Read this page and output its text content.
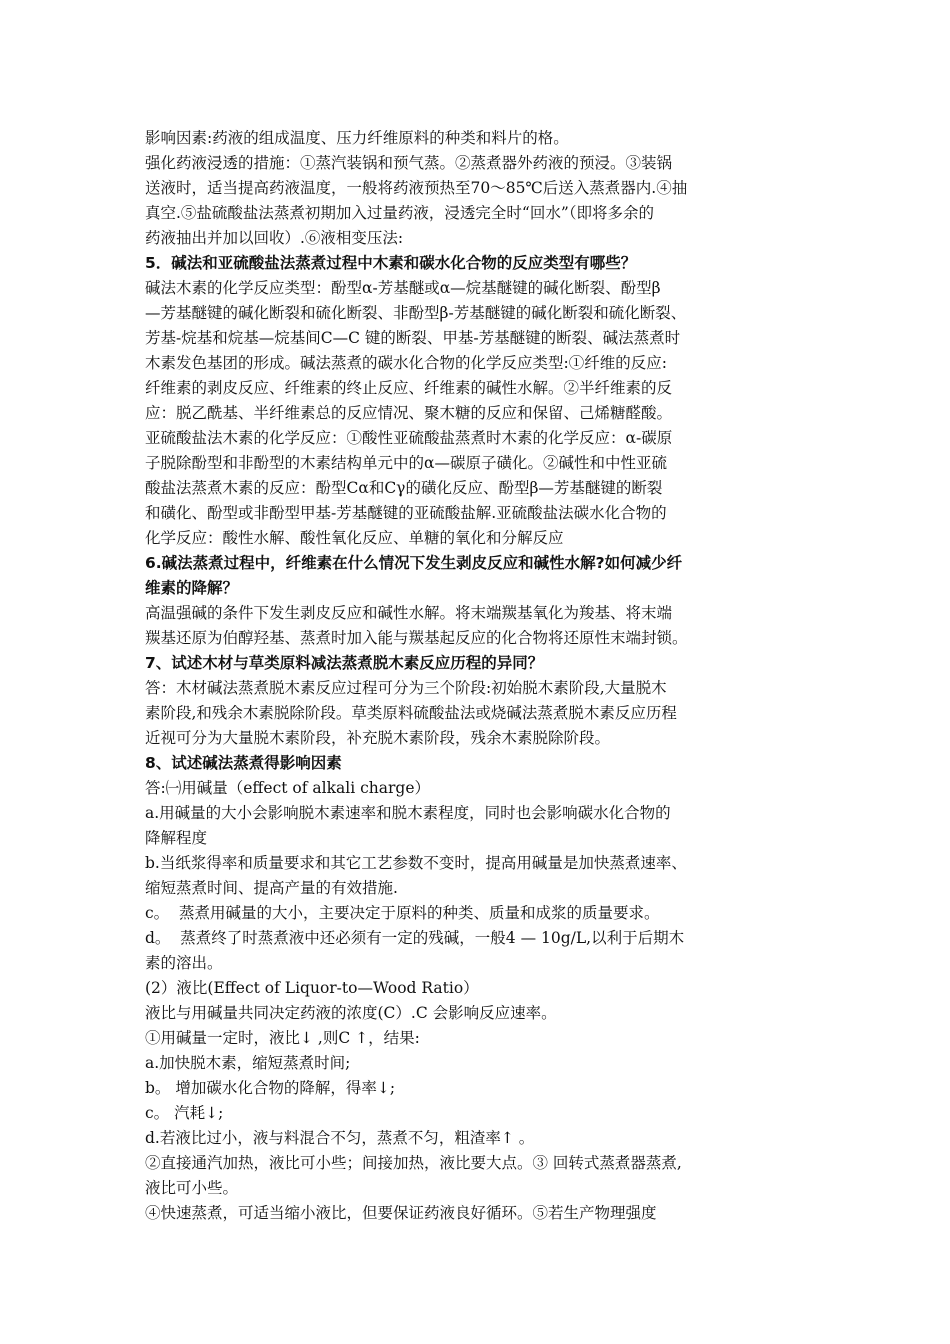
影响因素:药液的组成温度、压力纤维原料的种类和料片的格。
强化药液浸透的措施：①蒸汽装锅和预气蒸。②蒸煮器外药液的预浸。③装锅
送液时，适当提高药液温度，一般将药液预热至70～85℃后送入蒸煮器内.④抽
真空.⑤盐硫酸盐法蒸煮初期加入过量药液，浸透完全时“回水”（即将多余的
药液抽出并加以回收）.⑥液相变压法:
5．碱法和亚硫酸盐法蒸煮过程中木素和碳水化合物的反应类型有哪些？
碱法木素的化学反应类型：酚型α-芳基醚或α—烷基醚键的碱化断裂、酚型β
—芳基醚键的碱化断裂和硫化断裂、非酚型β-芳基醚键的碱化断裂和硫化断裂、
芳基-烷基和烷基—烷基间C—C 键的断裂、甲基-芳基醚键的断裂、碱法蒸煮时
木素发色基团的形成。碱法蒸煮的碳水化合物的化学反应类型:①纤维的反应:
纤维素的剥皮反应、纤维素的终止反应、纤维素的碱性水解。②半纤维素的反
应：脱乙酰基、半纤维素总的反应情况、聚木糖的反应和保留、己烯糖醛酸。
亚硫酸盐法木素的化学反应：①酸性亚硫酸盐蒸煮时木素的化学反应：α-碳原
子脱除酚型和非酚型的木素结构单元中的α—碳原子磺化。②碱性和中性亚硫
酸盐法蒸煮木素的反应：酚型Cα和Cγ的磺化反应、酚型β—芳基醚键的断裂
和磺化、酚型或非酚型甲基-芳基醚键的亚硫酸盐解.亚硫酸盐法碳水化合物的
化学反应：酸性水解、酸性氧化反应、单糖的氧化和分解反应
6.碱法蒸煮过程中，纤维素在什么情况下发生剥皮反应和碱性水解?如何减少纤
维素的降解？
高温强碱的条件下发生剥皮反应和碱性水解。将末端羰基氧化为羧基、将末端
羰基还原为伯醇羟基、蒸煮时加入能与羰基起反应的化合物将还原性末端封锁。
7、试述木材与草类原料减法蒸煮脱木素反应历程的异同？
答：木材碱法蒸煮脱木素反应过程可分为三个阶段:初始脱木素阶段,大量脱木
素阶段,和残余木素脱除阶段。草类原料硫酸盐法或烧碱法蒸煮脱木素反应历程
近视可分为大量脱木素阶段，补充脱木素阶段，残余木素脱除阶段。
8、试述碱法蒸煮得影响因素
答:㈠用碱量（effect of alkali charge）
a.用碱量的大小会影响脱木素速率和脱木素程度，同时也会影响碳水化合物的
降解程度
b.当纸浆得率和质量要求和其它工艺参数不变时，提高用碱量是加快蒸煮速率、
缩短蒸煮时间、提高产量的有效措施.
c。  蒸煮用碱量的大小，主要决定于原料的种类、质量和成浆的质量要求。
d。  蒸煮终了时蒸煮液中还必须有一定的残碱，一般4 — 10g/L,以利于后期木
素的溶出。
(2）液比(Effect of Liquor-to—Wood Ratio）
液比与用碱量共同决定药液的浓度(C）.C 会影响反应速率。
①用碱量一定时，液比↓ ,则C ↑，结果:
a.加快脱木素，缩短蒸煮时间;
b。 增加碳水化合物的降解，得率↓;
c。 汽耗↓;
d.若液比过小，液与料混合不匀，蒸煮不匀，粗渣率↑ 。
②直接通汽加热，液比可小些；间接加热，液比要大点。③ 回转式蒸煮器蒸煮,
液比可小些。
④快速蒸煮，可适当缩小液比，但要保证药液良好循环。⑤若生产物理强度
